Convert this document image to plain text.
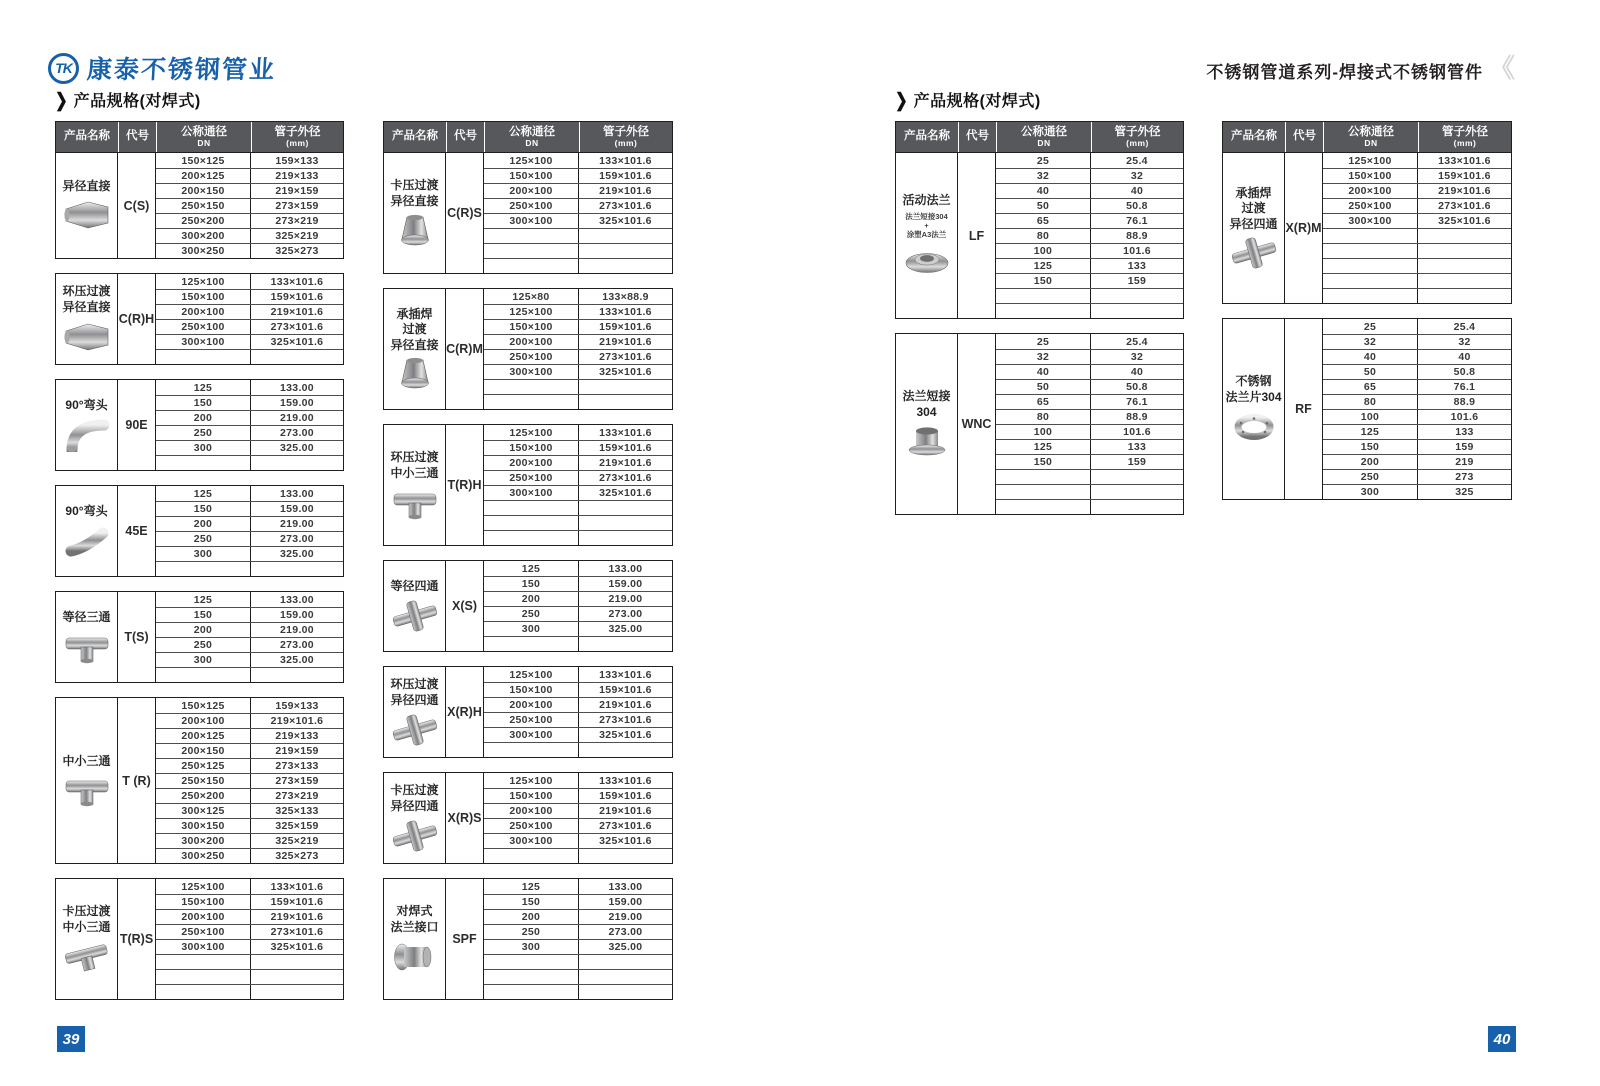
TK 康泰不锈钢管业	不锈钢管道系列-焊接式不锈钢管件 《
❯ 产品规格(对焊式)	❯ 产品规格(对焊式)
产品名称 代号	公称通径
DN
管子外径
(mm)
异径直接
C(S)
150×125	159×133
200×125	219×133
200×150	219×159
250×150	273×159
250×200	273×219
300×200	325×219
300×250	325×273
环压过渡
异径直接
C(R)H
125×100	133×101.6
150×100	159×101.6
200×100	219×101.6
250×100	273×101.6
300×100	325×101.6
90°弯头
90E
125	133.00
150	159.00
200	219.00
250	273.00
300	325.00
90°弯头
45E
125	133.00
150	159.00
200	219.00
250	273.00
300	325.00
等径三通
T(S)
125	133.00
150	159.00
200	219.00
250	273.00
300	325.00
中小三通
T (R)
150×125	159×133
200×100	219×101.6
200×125	219×133
200×150	219×159
250×125	273×133
250×150	273×159
250×200	273×219
300×125	325×133
300×150	325×159
300×200	325×219
300×250	325×273
卡压过渡
中小三通
T(R)S
125×100	133×101.6
150×100	159×101.6
200×100	219×101.6
250×100	273×101.6
300×100	325×101.6
产品名称 代号	公称通径
DN
管子外径
(mm)
卡压过渡
异径直接
C(R)S
125×100	133×101.6
150×100	159×101.6
200×100	219×101.6
250×100	273×101.6
300×100	325×101.6
承插焊
过渡
异径直接 C(R)M
125×80	133×88.9
125×100	133×101.6
150×100	159×101.6
200×100	219×101.6
250×100	273×101.6
300×100	325×101.6
环压过渡
中小三通
T(R)H
125×100	133×101.6
150×100	159×101.6
200×100	219×101.6
250×100	273×101.6
300×100	325×101.6
等径四通
X(S)
125	133.00
150	159.00
200	219.00
250	273.00
300	325.00
环压过渡
异径四通
X(R)H
125×100	133×101.6
150×100	159×101.6
200×100	219×101.6
250×100	273×101.6
300×100	325×101.6
卡压过渡
异径四通
X(R)S
125×100	133×101.6
150×100	159×101.6
200×100	219×101.6
250×100	273×101.6
300×100	325×101.6
对焊式
法兰接口
SPF
125	133.00
150	159.00
200	219.00
250	273.00
300	325.00
产品名称 代号	公称通径
DN
管子外径
(mm)
活动法兰
法兰短接304
+
涂塑A3法兰	LF
25	25.4
32	32
40	40
50	50.8
65	76.1
80	88.9
100	101.6
125	133
150	159
法兰短接
304
WNC
25	25.4
32	32
40	40
50	50.8
65	76.1
80	88.9
100	101.6
125	133
150	159
产品名称 代号	公称通径
DN
管子外径
(mm)
承插焊
过渡
异径四通 X(R)M
125×100	133×101.6
150×100	159×101.6
200×100	219×101.6
250×100	273×101.6
300×100	325×101.6
不锈钢
法兰片304
RF
25	25.4
32	32
40	40
50	50.8
65	76.1
80	88.9
100	101.6
125	133
150	159
200	219
250	273
300	325
39	40
